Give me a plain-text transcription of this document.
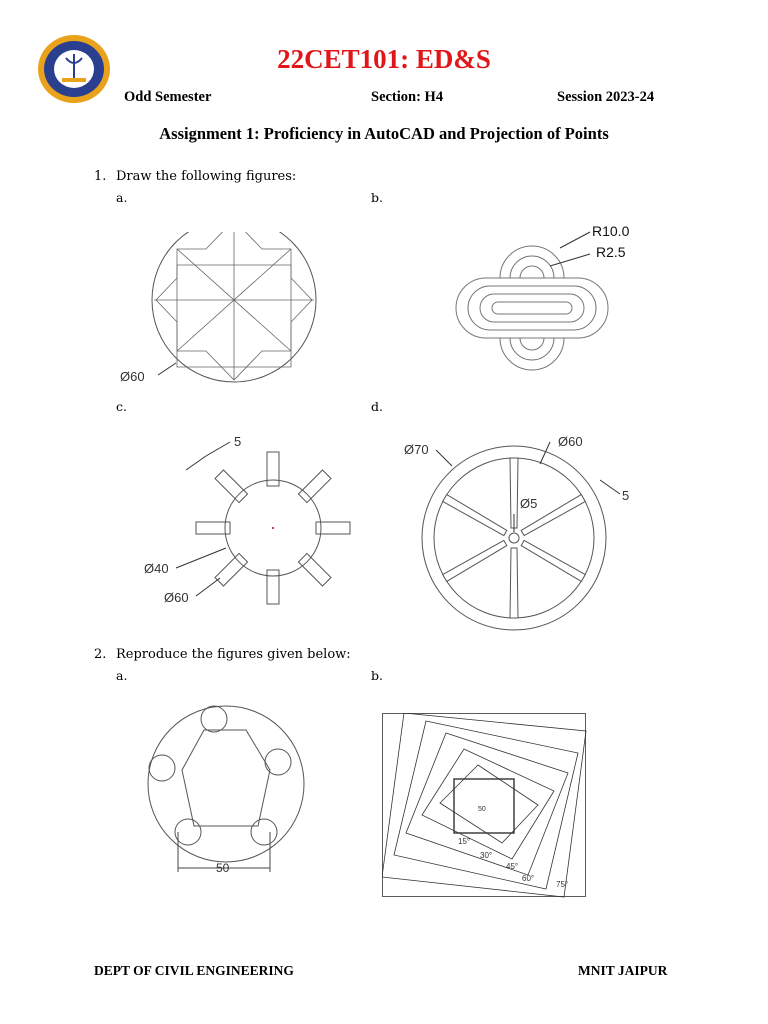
22CET101: ED&S
Odd Semester	Section: H4	Session 2023-24
Assignment 1: Proficiency in AutoCAD and Projection of Points
1. Draw the following figures:
a.	b.
c.	d.
Ø60
R10.0
R2.5
5
Ø40
Ø60
Ø70
Ø60
Ø5
5
2. Reproduce the figures given below:
a.	b.
50
50
15°
30°
45°
60°
75°
DEPT OF CIVIL ENGINEERING	MNIT JAIPUR
